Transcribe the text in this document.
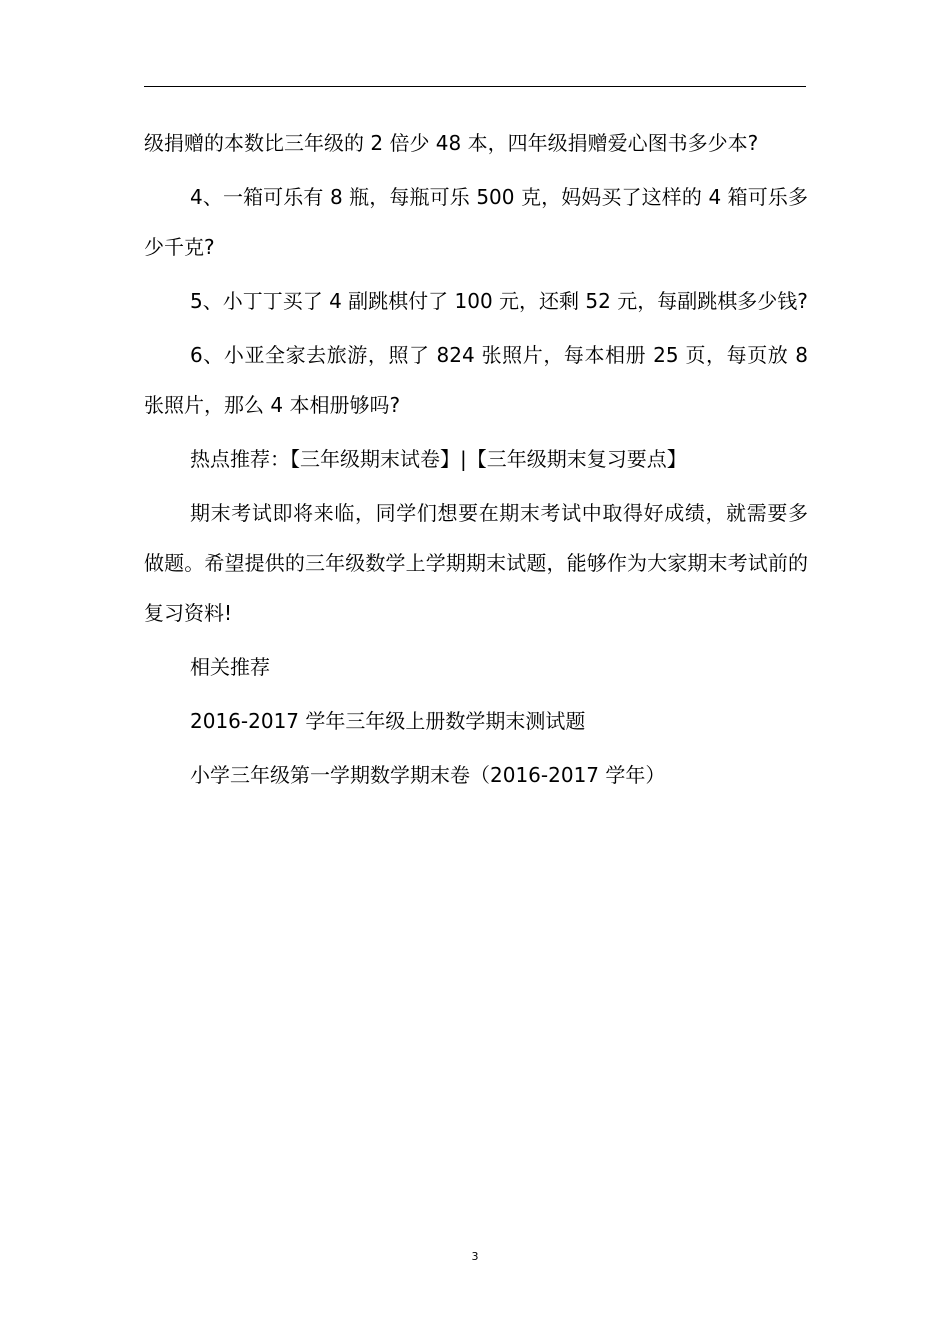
级捐赠的本数比三年级的 2 倍少 48 本，四年级捐赠爱心图书多少本?

4、一箱可乐有 8 瓶，每瓶可乐 500 克，妈妈买了这样的 4 箱可乐多少千克?

5、小丁丁买了 4 副跳棋付了 100 元，还剩 52 元，每副跳棋多少钱?

6、小亚全家去旅游，照了 824 张照片，每本相册 25 页，每页放 8 张照片，那么 4 本相册够吗?

热点推荐：【三年级期末试卷】|【三年级期末复习要点】

期末考试即将来临，同学们想要在期末考试中取得好成绩，就需要多做题。希望提供的三年级数学上学期期末试题，能够作为大家期末考试前的复习资料!

相关推荐

2016-2017 学年三年级上册数学期末测试题

小学三年级第一学期数学期末卷（2016-2017 学年）

3
